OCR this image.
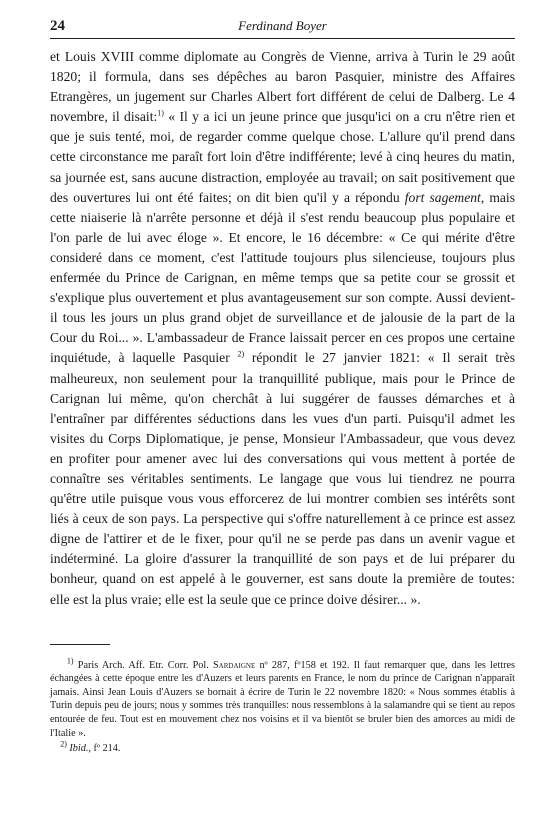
24	Ferdinand Boyer

et Louis XVIII comme diplomate au Congrès de Vienne, arriva à Turin le 29 août 1820; il formula, dans ses dépêches au baron Pasquier, ministre des Affaires Etrangères, un jugement sur Charles Albert fort différent de celui de Dalberg. Le 4 novembre, il disait:$^{1)}$ « Il y a ici un jeune prince que jusqu'ici on a cru n'être rien et que je suis tenté, moi, de regarder comme quelque chose. L'allure qu'il prend dans cette circonstance me paraît fort loin d'être indifférente; levé à cinq heures du matin, sa journée est, sans aucune distraction, employée au travail; on sait positivement que des ouvertures lui ont été faites; on dit bien qu'il y a répondu fort sagement, mais cette niaiserie là n'arrête personne et déjà il s'est rendu beaucoup plus populaire et l'on parle de lui avec éloge ». Et encore, le 16 décembre: « Ce qui mérite d'être consideré dans ce moment, c'est l'attitude toujours plus silencieuse, toujours plus enfermée du Prince de Carignan, en même temps que sa petite cour se grossit et s'explique plus ouvertement et plus avantageusement sur son compte. Aussi devient-il tous les jours un plus grand objet de surveillance et de jalousie de la part de la Cour du Roi... ». L'ambassadeur de France laissait percer en ces propos une certaine inquiétude, à laquelle Pasquier $^{2)}$ répondit le 27 janvier 1821: « Il serait très malheureux, non seulement pour la tranquillité publique, mais pour le Prince de Carignan lui même, qu'on cherchât à lui suggérer de fausses démarches et à l'entraîner par différentes séductions dans les vues d'un parti. Puisqu'il admet les visites du Corps Diplomatique, je pense, Monsieur l'Ambassadeur, que vous devez en profiter pour amener avec lui des conversations qui vous mettent à portée de connaître ses véritables sentiments. Le langage que vous lui tiendrez ne pourra qu'être utile puisque vous vous efforcerez de lui montrer combien ses intérêts sont liés à ceux de son pays. La perspective qui s'offre naturellement à ce prince est assez digne de l'attirer et de le fixer, pour qu'il ne se perde pas dans un avenir vague et indéterminé. La gloire d'assurer la tranquillité de son pays et de lui préparer du bonheur, quand on est appelé à le gouverner, est sans doute la première de toutes: elle est la plus vraie; elle est la seule que ce prince doive désirer... ».

$^{1)}$ Paris Arch. Aff. Etr. Corr. Pol. Sardaigne nº 287, fº158 et 192. Il faut remarquer que, dans les lettres échangées à cette époque entre les d'Auzers et leurs parents en France, le nom du prince de Carignan n'apparaît jamais. Ainsi Jean Louis d'Auzers se bornait à écrire de Turin le 22 novembre 1820: « Nous sommes établis à Turin depuis peu de jours; nous y sommes très tranquilles: nous ressemblons à la salamandre qui se tient au repos entourée de feu. Tout est en mouvement chez nos voisins et il va bientôt se bruler bien des amorces au midi de l'Italie ».

$^{2)}$ Ibid., fº 214.
